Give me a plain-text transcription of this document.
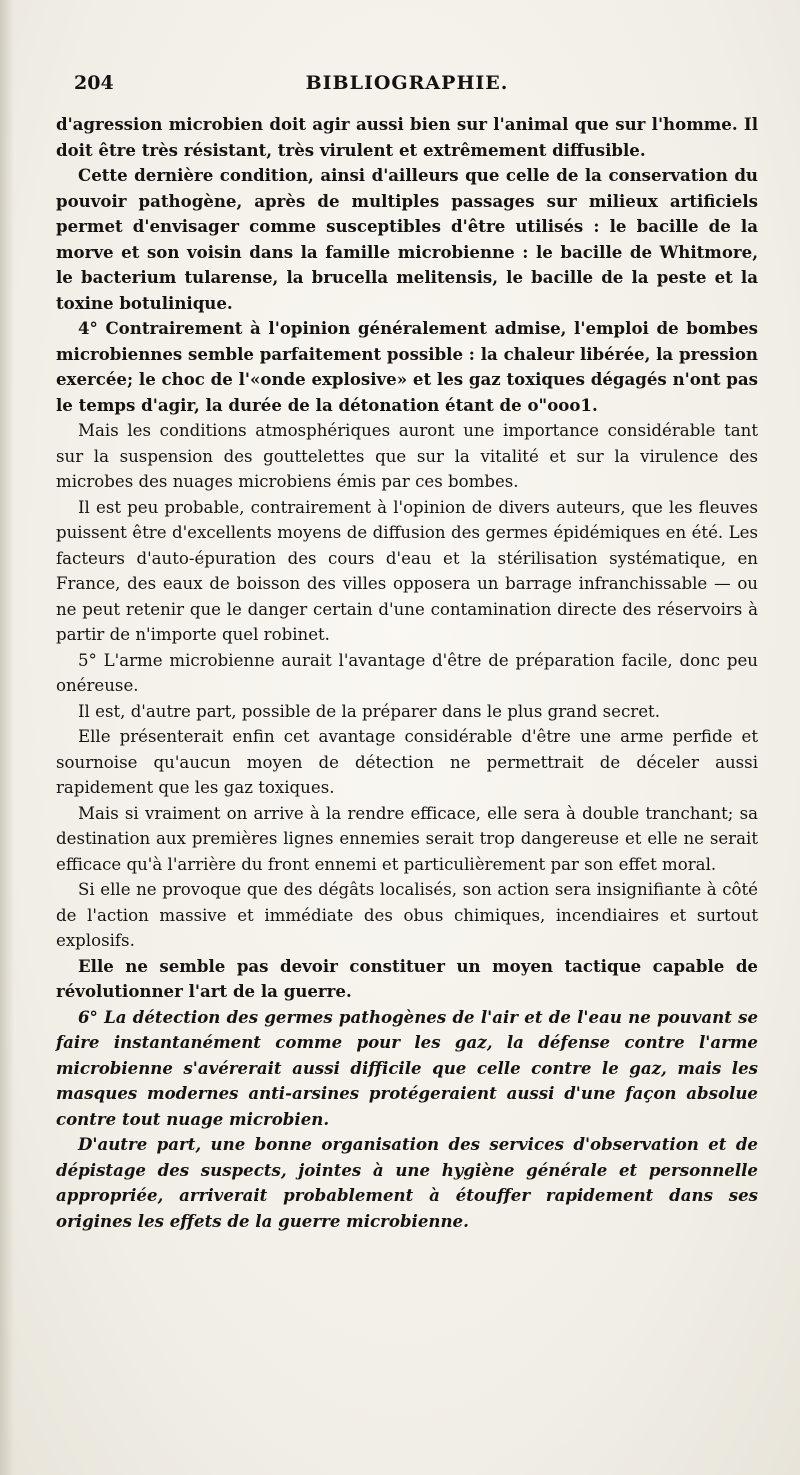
204	BIBLIOGRAPHIE.

d'agression microbien doit agir aussi bien sur l'animal que sur l'homme. Il doit être très résistant, très virulent et extrêmement diffusible.

Cette dernière condition, ainsi d'ailleurs que celle de la conservation du pouvoir pathogène, après de multiples passages sur milieux artificiels permet d'envisager comme susceptibles d'être utilisés : le bacille de la morve et son voisin dans la famille microbienne : le bacille de Whitmore, le bacterium tularense, la brucella melitensis, le bacille de la peste et la toxine botulinique.

4° Contrairement à l'opinion généralement admise, l'emploi de bombes microbiennes semble parfaitement possible : la chaleur libérée, la pression exercée; le choc de l'«onde explosive» et les gaz toxiques dégagés n'ont pas le temps d'agir, la durée de la détonation étant de o"ooo1.

Mais les conditions atmosphériques auront une importance considérable tant sur la suspension des gouttelettes que sur la vitalité et sur la virulence des microbes des nuages microbiens émis par ces bombes.

Il est peu probable, contrairement à l'opinion de divers auteurs, que les fleuves puissent être d'excellents moyens de diffusion des germes épidémiques en été. Les facteurs d'auto-épuration des cours d'eau et la stérilisation systématique, en France, des eaux de boisson des villes opposera un barrage infranchissable — ou ne peut retenir que le danger certain d'une contamination directe des réservoirs à partir de n'importe quel robinet.

5° L'arme microbienne aurait l'avantage d'être de préparation facile, donc peu onéreuse.

Il est, d'autre part, possible de la préparer dans le plus grand secret.

Elle présenterait enfin cet avantage considérable d'être une arme perfide et sournoise qu'aucun moyen de détection ne permettrait de déceler aussi rapidement que les gaz toxiques.

Mais si vraiment on arrive à la rendre efficace, elle sera à double tranchant; sa destination aux premières lignes ennemies serait trop dangereuse et elle ne serait efficace qu'à l'arrière du front ennemi et particulièrement par son effet moral.

Si elle ne provoque que des dégâts localisés, son action sera insignifiante à côté de l'action massive et immédiate des obus chimiques, incendiaires et surtout explosifs.

Elle ne semble pas devoir constituer un moyen tactique capable de révolutionner l'art de la guerre.

6° La détection des germes pathogènes de l'air et de l'eau ne pouvant se faire instantanément comme pour les gaz, la défense contre l'arme microbienne s'avérerait aussi difficile que celle contre le gaz, mais les masques modernes anti-arsines protégeraient aussi d'une façon absolue contre tout nuage microbien.

D'autre part, une bonne organisation des services d'observation et de dépistage des suspects, jointes à une hygiène générale et personnelle appropriée, arriverait probablement à étouffer rapidement dans ses origines les effets de la guerre microbienne.
